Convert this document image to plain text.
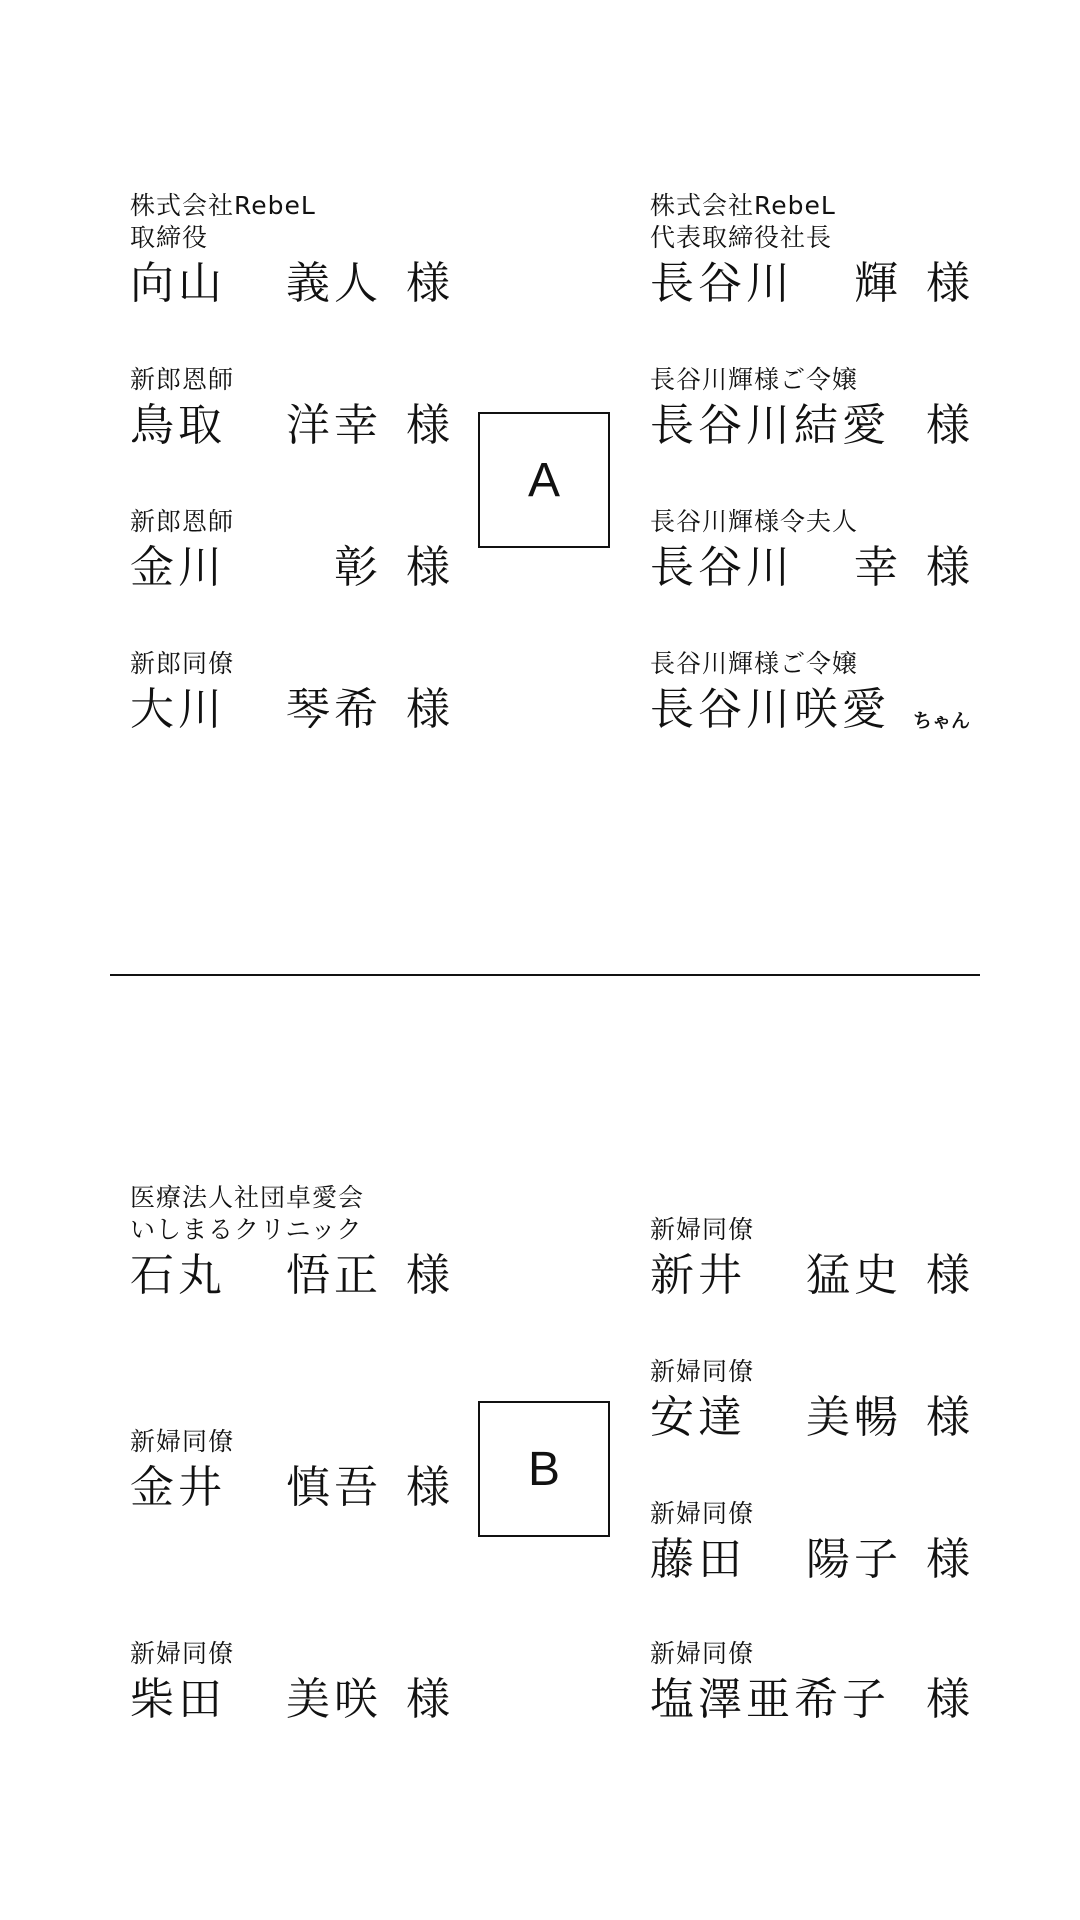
株式会社RebeL
取締役
向山 義人 様
新郎恩師
鳥取 洋幸 様
新郎恩師
金川 彰 様
新郎同僚
大川 琴希 様
A
株式会社RebeL
代表取締役社長
長谷川 輝 様
長谷川輝様ご令嬢
長谷川結愛 様
長谷川輝様令夫人
長谷川 幸 様
長谷川輝様ご令嬢
長谷川咲愛 ちゃん
医療法人社団卓愛会
いしまるクリニック
石丸 悟正 様
新婦同僚
金井 慎吾 様
新婦同僚
柴田 美咲 様
B
新婦同僚
新井 猛史 様
新婦同僚
安達 美暢 様
新婦同僚
藤田 陽子 様
新婦同僚
塩澤亜希子 様
